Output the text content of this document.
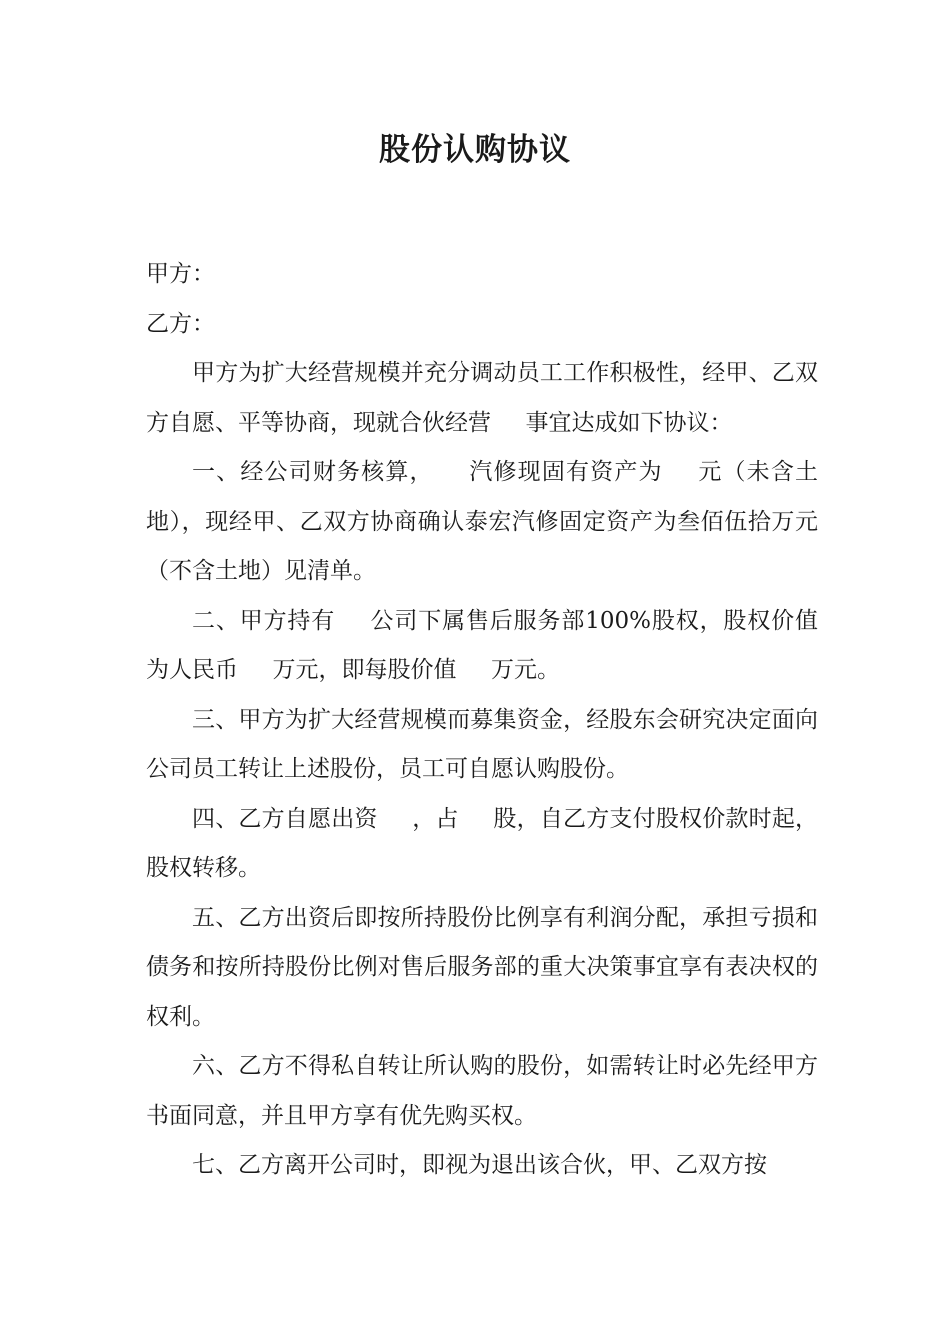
股份认购协议

甲方：

乙方：

甲方为扩大经营规模并充分调动员工工作积极性，经甲、乙双方自愿、平等协商，现就合伙经营 事宜达成如下协议：

一、经公司财务核算， 汽修现固有资产为 元（未含土地），现经甲、乙双方协商确认泰宏汽修固定资产为叁佰伍拾万元（不含土地）见清单。

二、甲方持有 公司下属售后服务部100%股权，股权价值为人民币 万元，即每股价值 万元。

三、甲方为扩大经营规模而募集资金，经股东会研究决定面向公司员工转让上述股份，员工可自愿认购股份。

四、乙方自愿出资 ，占 股，自乙方支付股权价款时起，股权转移。

五、乙方出资后即按所持股份比例享有利润分配，承担亏损和债务和按所持股份比例对售后服务部的重大决策事宜享有表决权的权利。

六、乙方不得私自转让所认购的股份，如需转让时必先经甲方书面同意，并且甲方享有优先购买权。

七、乙方离开公司时，即视为退出该合伙，甲、乙双方按
